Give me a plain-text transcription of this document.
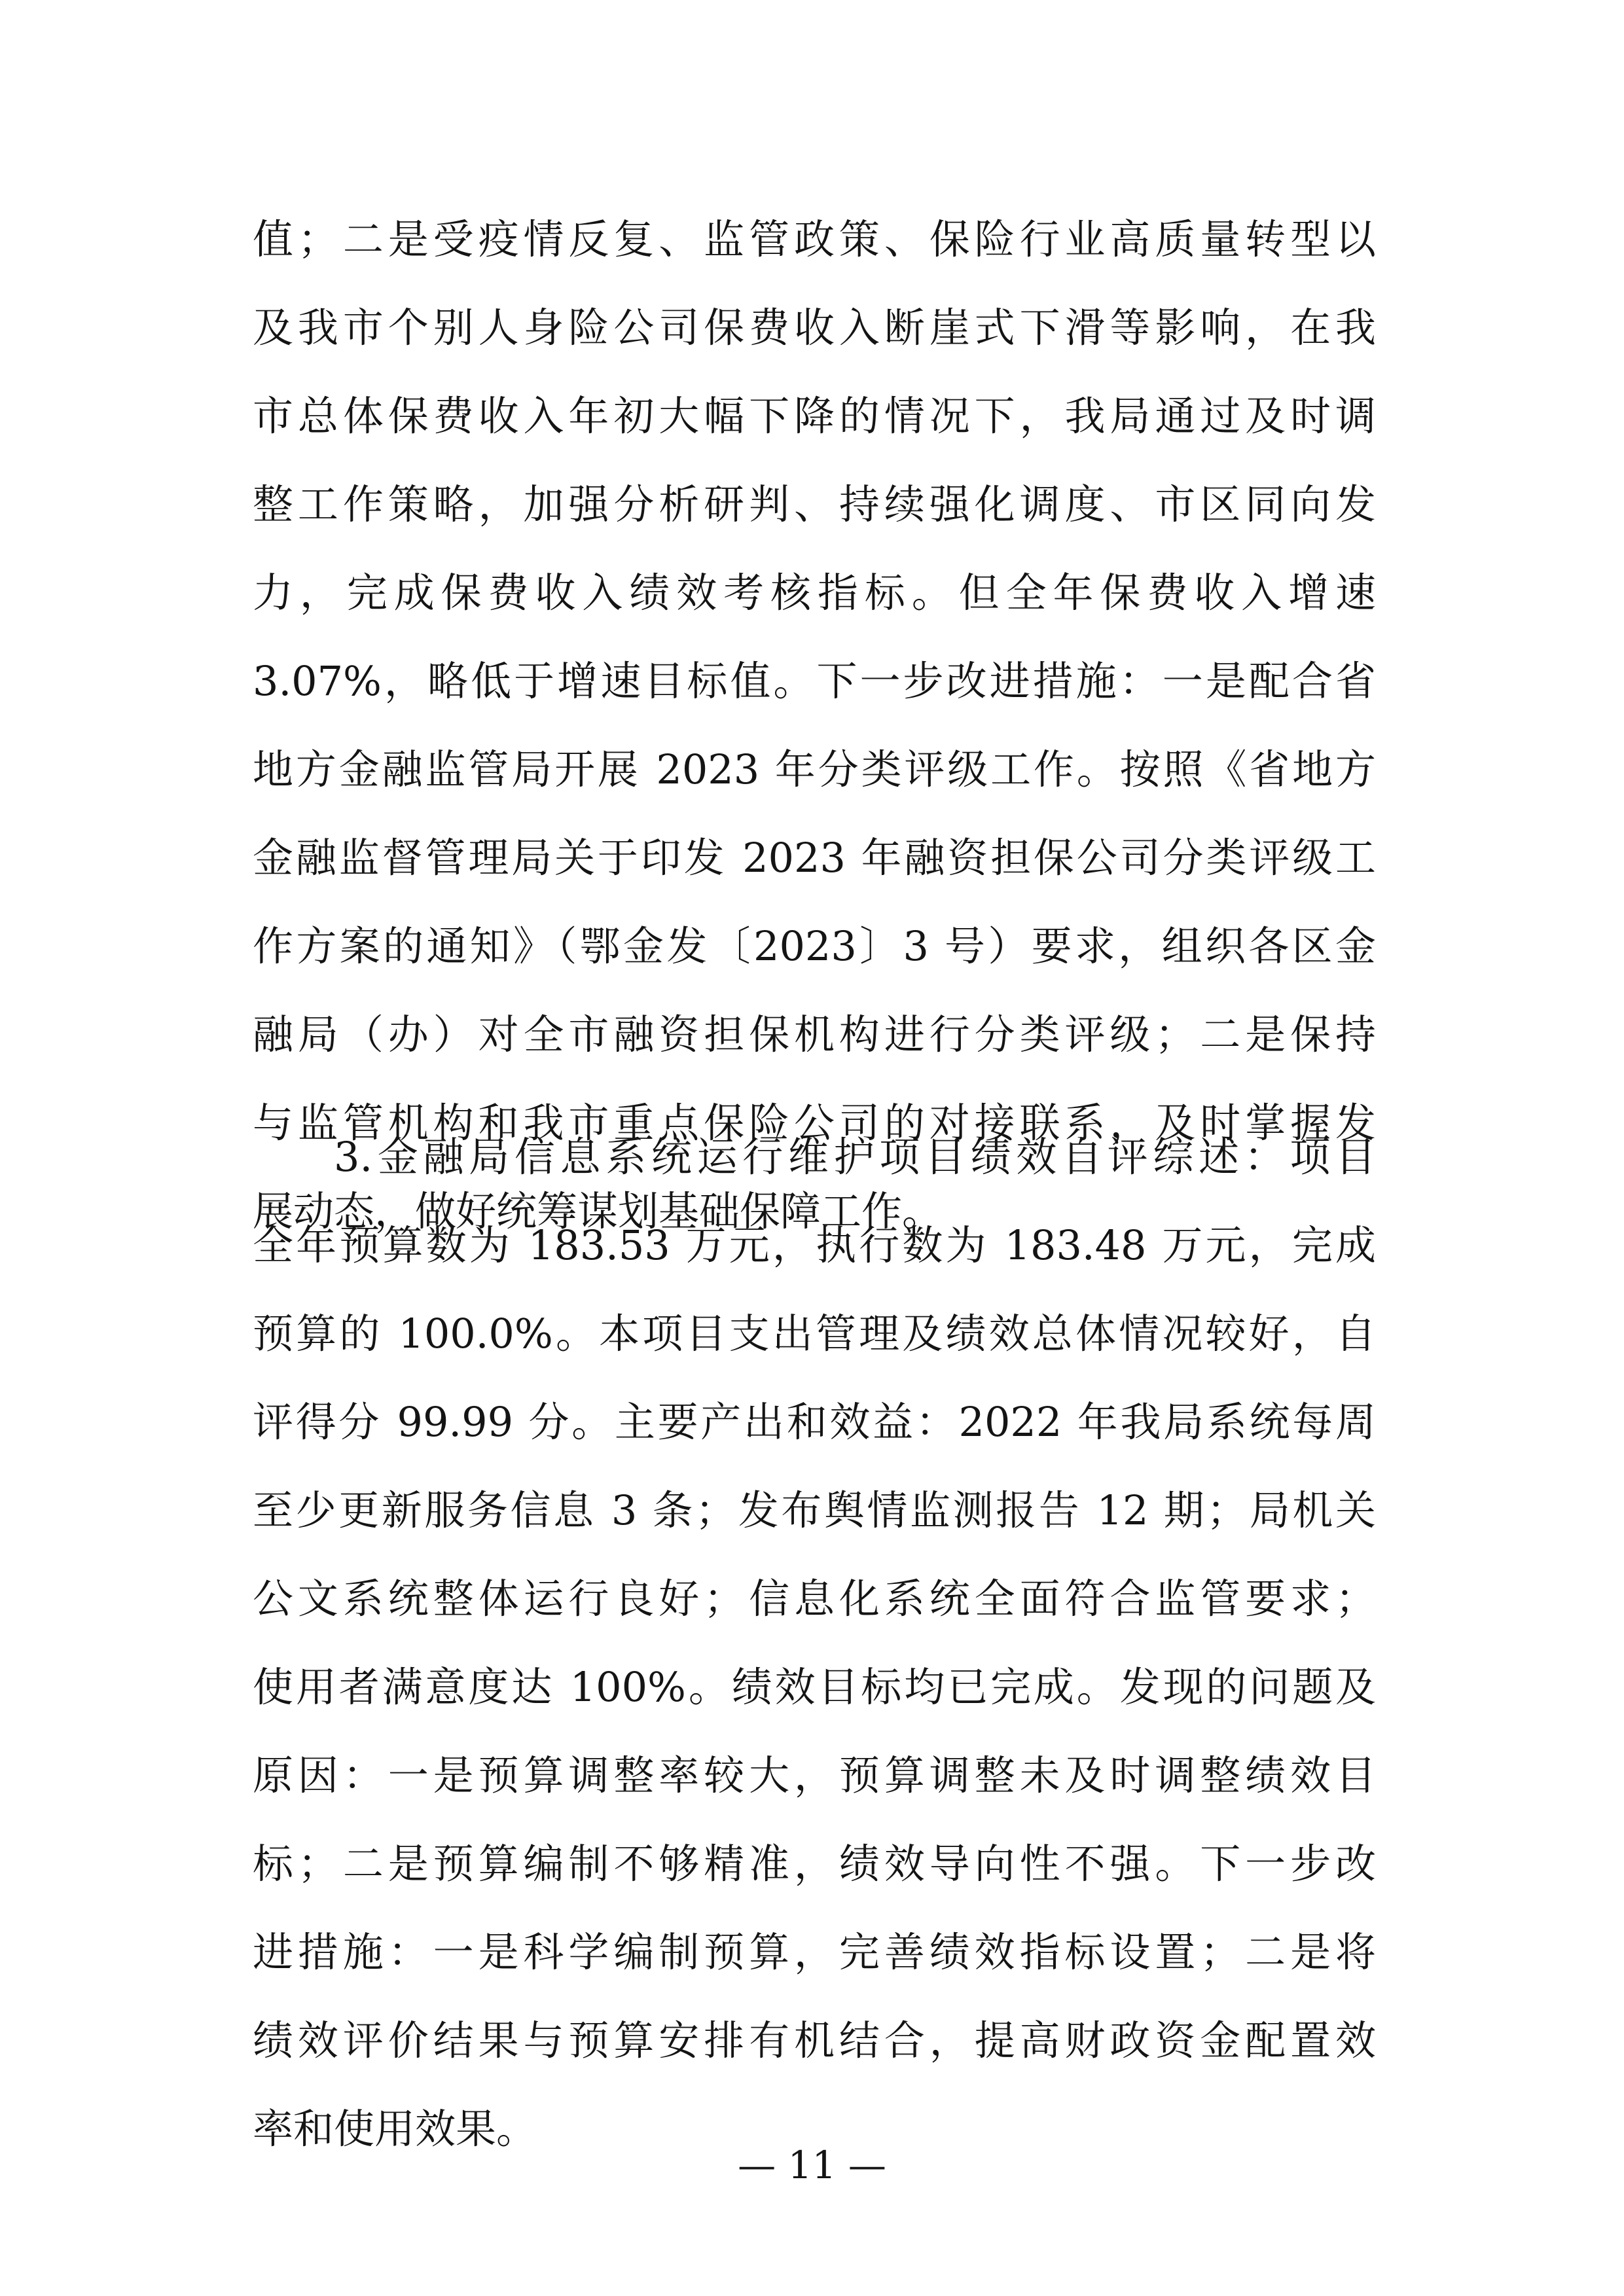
值；二是受疫情反复、监管政策、保险行业高质量转型以
及我市个别人身险公司保费收入断崖式下滑等影响，在我
市总体保费收入年初大幅下降的情况下，我局通过及时调
整工作策略，加强分析研判、持续强化调度、市区同向发
力，完成保费收入绩效考核指标。但全年保费收入增速
3.07%，略低于增速目标值。下一步改进措施：一是配合省
地方金融监管局开展 2023 年分类评级工作。按照《省地方
金融监督管理局关于印发 2023 年融资担保公司分类评级工
作方案的通知》（鄂金发〔2023〕3 号）要求，组织各区金
融局（办）对全市融资担保机构进行分类评级；二是保持
与监管机构和我市重点保险公司的对接联系，及时掌握发
展动态，做好统筹谋划基础保障工作。
3.金融局信息系统运行维护项目绩效自评综述：项目
全年预算数为 183.53 万元，执行数为 183.48 万元，完成
预算的 100.0%。本项目支出管理及绩效总体情况较好，自
评得分 99.99 分。主要产出和效益：2022 年我局系统每周
至少更新服务信息 3 条；发布舆情监测报告 12 期；局机关
公文系统整体运行良好；信息化系统全面符合监管要求；
使用者满意度达 100%。绩效目标均已完成。发现的问题及
原因：一是预算调整率较大，预算调整未及时调整绩效目
标；二是预算编制不够精准，绩效导向性不强。下一步改
进措施：一是科学编制预算，完善绩效指标设置；二是将
绩效评价结果与预算安排有机结合，提高财政资金配置效
率和使用效果。
— 11 —
